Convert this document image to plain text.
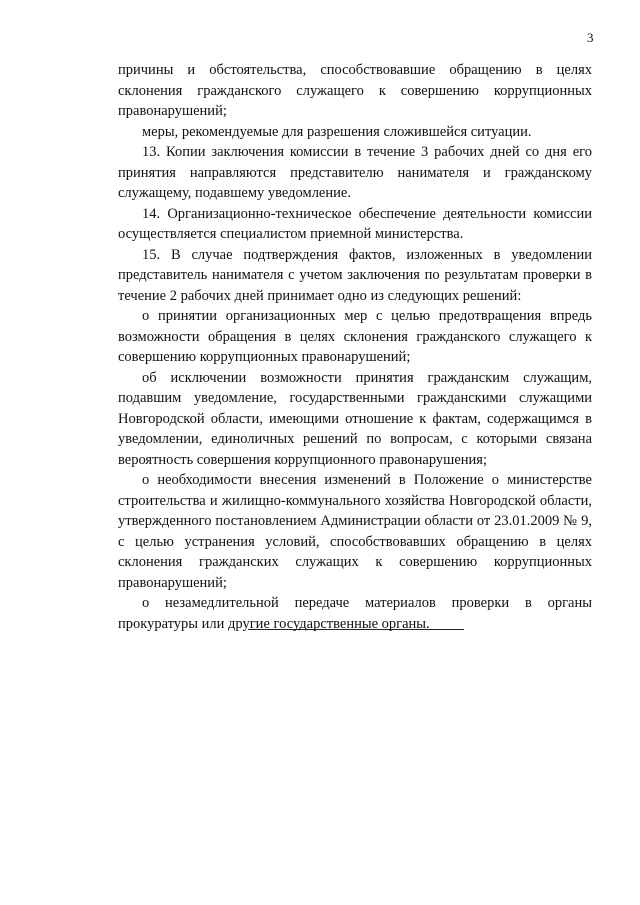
3

причины и обстоятельства, способствовавшие обращению в целях склонения гражданского служащего к совершению коррупционных правонарушений;

меры, рекомендуемые для разрешения сложившейся ситуации.

13. Копии заключения комиссии в течение 3 рабочих дней со дня его принятия направляются представителю нанимателя и гражданскому служащему, подавшему уведомление.

14. Организационно-техническое обеспечение деятельности комиссии осуществляется специалистом приемной министерства.

15. В случае подтверждения фактов, изложенных в уведомлении представитель нанимателя с учетом заключения по результатам проверки в течение 2 рабочих дней принимает одно из следующих решений:

о принятии организационных мер с целью предотвращения впредь возможности обращения в целях склонения гражданского служащего к совершению коррупционных правонарушений;

об исключении возможности принятия гражданским служащим, подавшим уведомление, государственными гражданскими служащими Новгородской области, имеющими отношение к фактам, содержащимся в уведомлении, единоличных решений по вопросам, с которыми связана вероятность совершения коррупционного правонарушения;

о необходимости внесения изменений в Положение о министерстве строительства и жилищно-коммунального хозяйства Новгородской области, утвержденного постановлением Администрации области от 23.01.2009 № 9, с целью устранения условий, способствовавших обращению в целях склонения гражданских служащих к совершению коррупционных правонарушений;

о незамедлительной передаче материалов проверки в органы прокуратуры или другие государственные органы.
